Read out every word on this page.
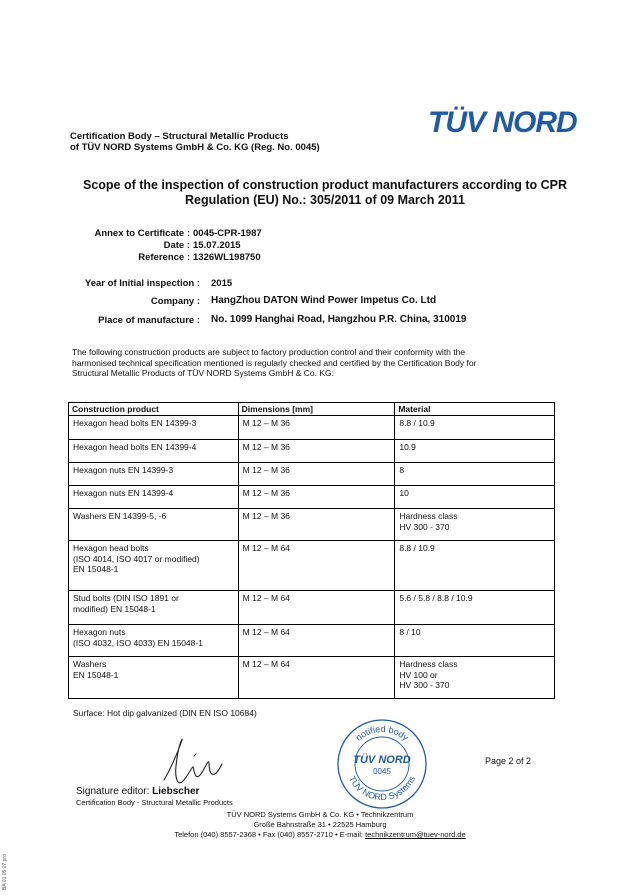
TÜV NORD
Certification Body – Structural Metallic Products
of TÜV NORD Systems GmbH & Co. KG (Reg. No. 0045)
Scope of the inspection of construction product manufacturers according to CPR
Regulation (EU) No.: 305/2011 of 09 March 2011
Annex to Certificate : 0045-CPR-1987
Date : 15.07.2015
Reference : 1326WL198750
Year of Initial inspection : 2015
Company : HangZhou DATON Wind Power Impetus Co. Ltd
Place of manufacture : No. 1099 Hanghai Road, Hangzhou P.R. China, 310019
The following construction products are subject to factory production control and their conformity with the
harmonised technical specification mentioned is regularly checked and certified by the Certification Body for
Structural Metallic Products of TÜV NORD Systems GmbH & Co. KG:
Construction product	Dimensions [mm]	Material
Hexagon head bolts EN 14399-3	M 12 – M 36	8.8 / 10.9
Hexagon head bolts EN 14399-4	M 12 – M 36	10.9
Hexagon nuts EN 14399-3	M 12 – M 36	8
Hexagon nuts EN 14399-4	M 12 – M 36	10
Washers EN 14399-5, -6	M 12 – M 36	Hardness class
HV 300 - 370
Hexagon head bolts
(ISO 4014, ISO 4017 or modified)
EN 15048-1	M 12 – M 64	8.8 / 10.9
Stud bolts (DIN ISO 1891 or
modified) EN 15048-1	M 12 – M 64	5.6 / 5.8 / 8.8 / 10.9
Hexagon nuts
(ISO 4032, ISO 4033) EN 15048-1	M 12 – M 64	8 / 10
Washers
EN 15048-1	M 12 – M 64	Hardness class
HV 100 or
HV 300 - 370
Surface: Hot dip galvanized (DIN EN ISO 10684)
notified body
TÜV NORD
0045
TÜV NORD Systems
Page 2 of 2
Signature editor: Liebscher
Certification Body - Structural Metallic Products
TÜV NORD Systems GmbH & Co. KG • Technikzentrum
Große Bahnstraße 31 • 22525 Hamburg
Telefon (040) 8557-2368 • Fax (040) 8557-2710 • E-mail: technikzentrum@tuev-nord.de
BA 01 05.07 pro
